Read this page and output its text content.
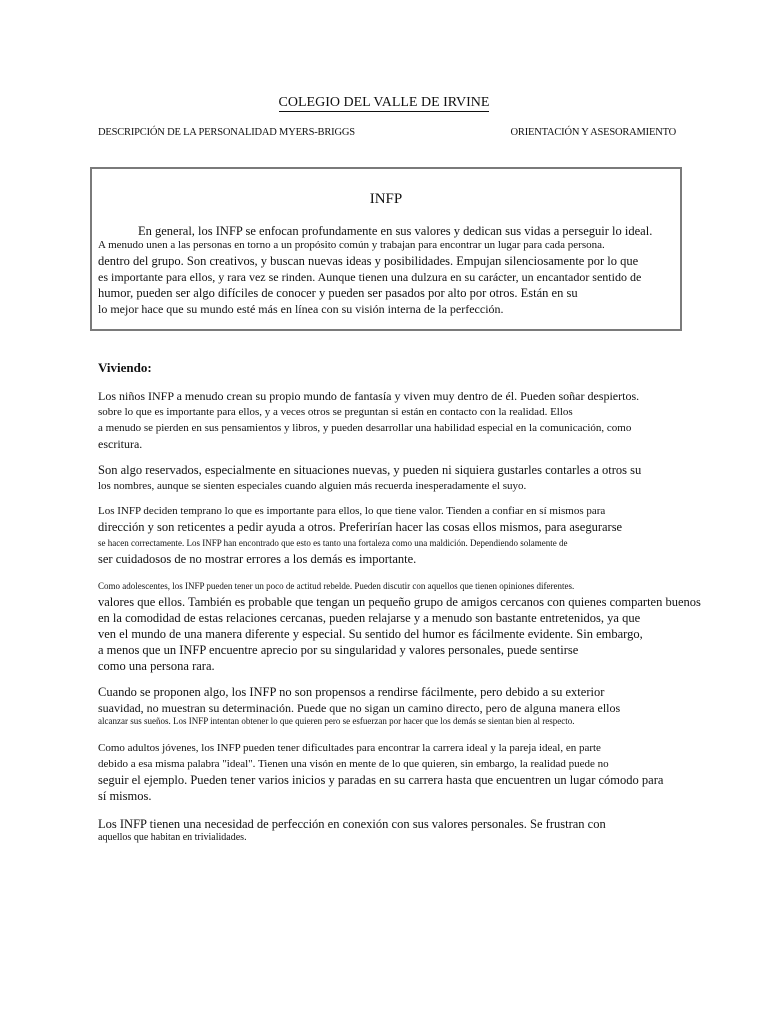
COLEGIO DEL VALLE DE IRVINE
DESCRIPCIÓN DE LA PERSONALIDAD MYERS-BRIGGS	ORIENTACIÓN Y ASESORAMIENTO
INFP
En general, los INFP se enfocan profundamente en sus valores y dedican sus vidas a perseguir lo ideal.
A menudo unen a las personas en torno a un propósito común y trabajan para encontrar un lugar para cada persona.
dentro del grupo. Son creativos, y buscan nuevas ideas y posibilidades. Empujan silenciosamente por lo que
es importante para ellos, y rara vez se rinden. Aunque tienen una dulzura en su carácter, un encantador sentido de
humor, pueden ser algo difíciles de conocer y pueden ser pasados por alto por otros. Están en su
lo mejor hace que su mundo esté más en línea con su visión interna de la perfección.
Viviendo:
Los niños INFP a menudo crean su propio mundo de fantasía y viven muy dentro de él. Pueden soñar despiertos.
sobre lo que es importante para ellos, y a veces otros se preguntan si están en contacto con la realidad. Ellos
a menudo se pierden en sus pensamientos y libros, y pueden desarrollar una habilidad especial en la comunicación, como
escritura.
Son algo reservados, especialmente en situaciones nuevas, y pueden ni siquiera gustarles contarles a otros su
los nombres, aunque se sienten especiales cuando alguien más recuerda inesperadamente el suyo.
Los INFP deciden temprano lo que es importante para ellos, lo que tiene valor. Tienden a confiar en sí mismos para
dirección y son reticentes a pedir ayuda a otros. Preferirían hacer las cosas ellos mismos, para asegurarse
se hacen correctamente. Los INFP han encontrado que esto es tanto una fortaleza como una maldición. Dependiendo solamente de
ser cuidadosos de no mostrar errores a los demás es importante.
Como adolescentes, los INFP pueden tener un poco de actitud rebelde. Pueden discutir con aquellos que tienen opiniones diferentes.
valores que ellos. También es probable que tengan un pequeño grupo de amigos cercanos con quienes comparten buenos
en la comodidad de estas relaciones cercanas, pueden relajarse y a menudo son bastante entretenidos, ya que
ven el mundo de una manera diferente y especial. Su sentido del humor es fácilmente evidente. Sin embargo,
a menos que un INFP encuentre aprecio por su singularidad y valores personales, puede sentirse
como una persona rara.
Cuando se proponen algo, los INFP no son propensos a rendirse fácilmente, pero debido a su exterior
suavidad, no muestran su determinación. Puede que no sigan un camino directo, pero de alguna manera ellos
alcanzar sus sueños. Los INFP intentan obtener lo que quieren pero se esfuerzan por hacer que los demás se sientan bien al respecto.
Como adultos jóvenes, los INFP pueden tener dificultades para encontrar la carrera ideal y la pareja ideal, en parte
debido a esa misma palabra "ideal". Tienen una visón en mente de lo que quieren, sin embargo, la realidad puede no
seguir el ejemplo. Pueden tener varios inicios y paradas en su carrera hasta que encuentren un lugar cómodo para
sí mismos.
Los INFP tienen una necesidad de perfección en conexión con sus valores personales. Se frustran con
aquellos que habitan en trivialidades.
